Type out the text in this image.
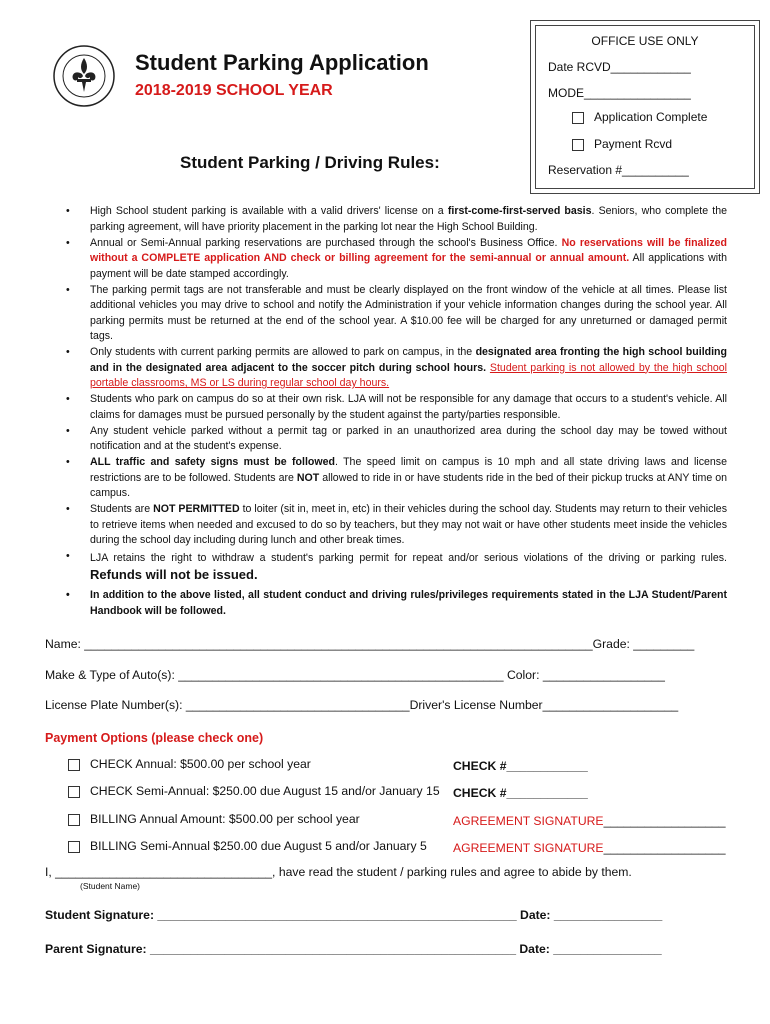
Student Parking Application
2018-2019 SCHOOL YEAR
OFFICE USE ONLY
Date RCVD____________
MODE________________
Application Complete
Payment Rcvd
Reservation #__________
Student Parking / Driving Rules:
• High School student parking is available with a valid drivers' license on a first-come-first-served basis. Seniors, who complete the parking agreement, will have priority placement in the parking lot near the High School Building.
• Annual or Semi-Annual parking reservations are purchased through the school's Business Office. No reservations will be finalized without a COMPLETE application AND check or billing agreement for the semi-annual or annual amount. All applications with payment will be date stamped accordingly.
• The parking permit tags are not transferable and must be clearly displayed on the front window of the vehicle at all times. Please list additional vehicles you may drive to school and notify the Administration if your vehicle information changes during the school year. All parking permits must be returned at the end of the school year. A $10.00 fee will be charged for any unreturned or damaged permit tags.
• Only students with current parking permits are allowed to park on campus, in the designated area fronting the high school building and in the designated area adjacent to the soccer pitch during school hours. Student parking is not allowed by the high school portable classrooms, MS or LS during regular school day hours.
• Students who park on campus do so at their own risk. LJA will not be responsible for any damage that occurs to a student's vehicle. All claims for damages must be pursued personally by the student against the party/parties responsible.
• Any student vehicle parked without a permit tag or parked in an unauthorized area during the school day may be towed without notification and at the student's expense.
• ALL traffic and safety signs must be followed. The speed limit on campus is 10 mph and all state driving laws and license restrictions are to be followed. Students are NOT allowed to ride in or have students ride in the bed of their pickup trucks at ANY time on campus.
• Students are NOT PERMITTED to loiter (sit in, meet in, etc) in their vehicles during the school day. Students may return to their vehicles to retrieve items when needed and excused to do so by teachers, but they may not wait or have other students meet inside the vehicles during the school day including during lunch and other break times.
• LJA retains the right to withdraw a student's parking permit for repeat and/or serious violations of the driving or parking rules. Refunds will not be issued.
• In addition to the above listed, all student conduct and driving rules/privileges requirements stated in the LJA Student/Parent Handbook will be followed.
Name: ___________________________________________________________________________Grade: _________
Make & Type of Auto(s): ________________________________________________ Color: __________________
License Plate Number(s): _________________________________Driver's License Number____________________
Payment Options (please check one)
CHECK Annual: $500.00 per school year	CHECK #____________
CHECK Semi-Annual: $250.00 due August 15 and/or January 15 CHECK #____________
BILLING Annual Amount: $500.00 per school year	AGREEMENT SIGNATURE__________________
BILLING Semi-Annual $250.00 due August 5 and/or January 5 AGREEMENT SIGNATURE__________________
I, ________________________________, have read the student / parking rules and agree to abide by them.
(Student Name)
Student Signature: _____________________________________________________ Date: ________________
Parent Signature: ______________________________________________________ Date: ________________
